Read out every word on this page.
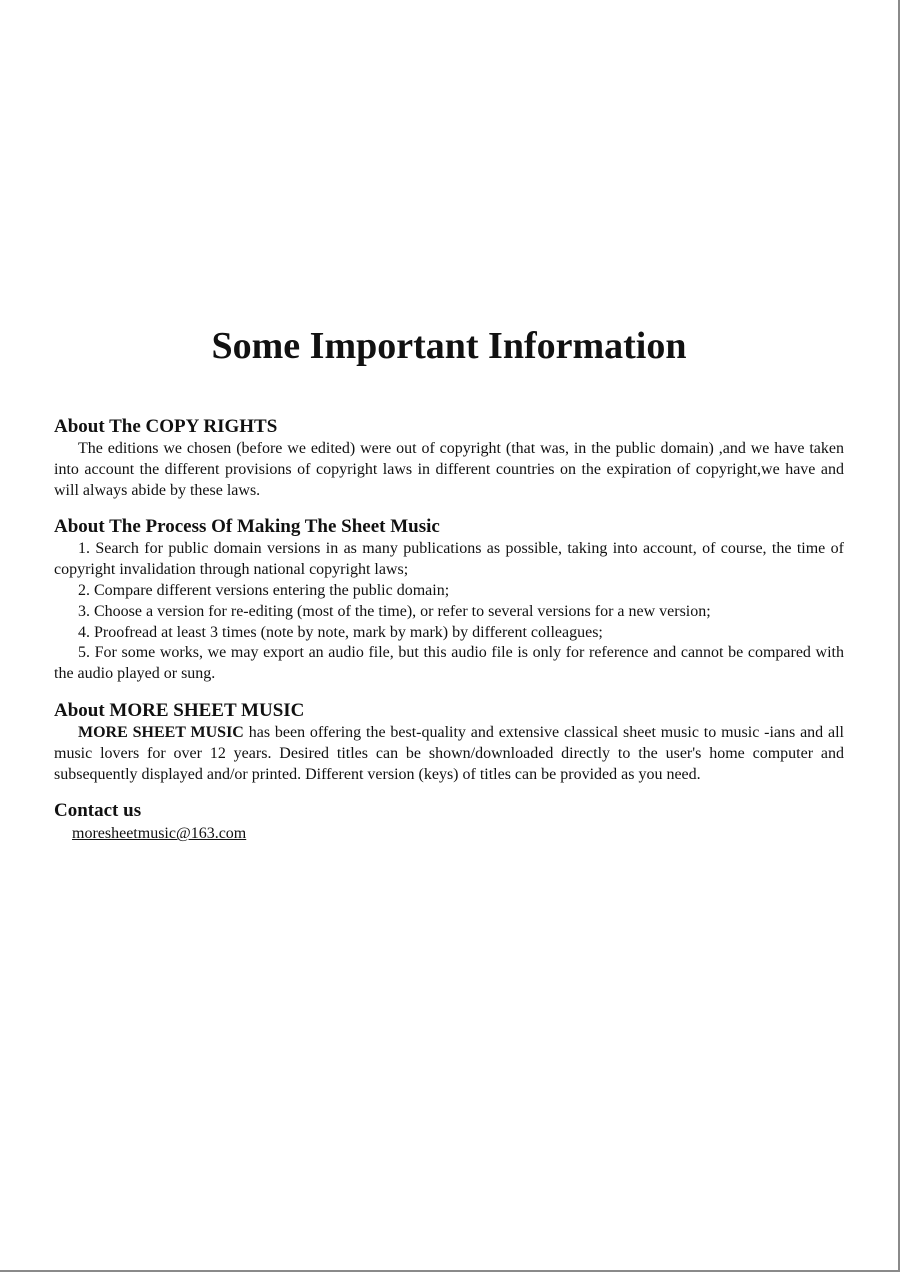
Some Important Information
About The COPY RIGHTS

The editions we chosen (before we edited) were out of copyright (that was, in the public domain) ,and we have taken into account the different provisions of copyright laws in different countries on the expiration of copyright,we have and will always abide by these laws.

About The Process Of Making The Sheet Music

1. Search for public domain versions in as many publications as possible, taking into account, of course, the time of copyright invalidation through national copyright laws;

2. Compare different versions entering the public domain;

3. Choose a version for re-editing (most of the time), or refer to several versions for a new version;

4. Proofread at least 3 times (note by note, mark by mark) by different colleagues;

5. For some works, we may export an audio file, but this audio file is only for reference and cannot be compared with the audio played or sung.

About MORE SHEET MUSIC

MORE SHEET MUSIC has been offering the best-quality and extensive classical sheet music to music -ians and all music lovers for over 12 years. Desired titles can be shown/downloaded directly to the user's home computer and subsequently displayed and/or printed. Different version (keys) of titles can be provided as you need.

Contact us
moresheetmusic@163.com
